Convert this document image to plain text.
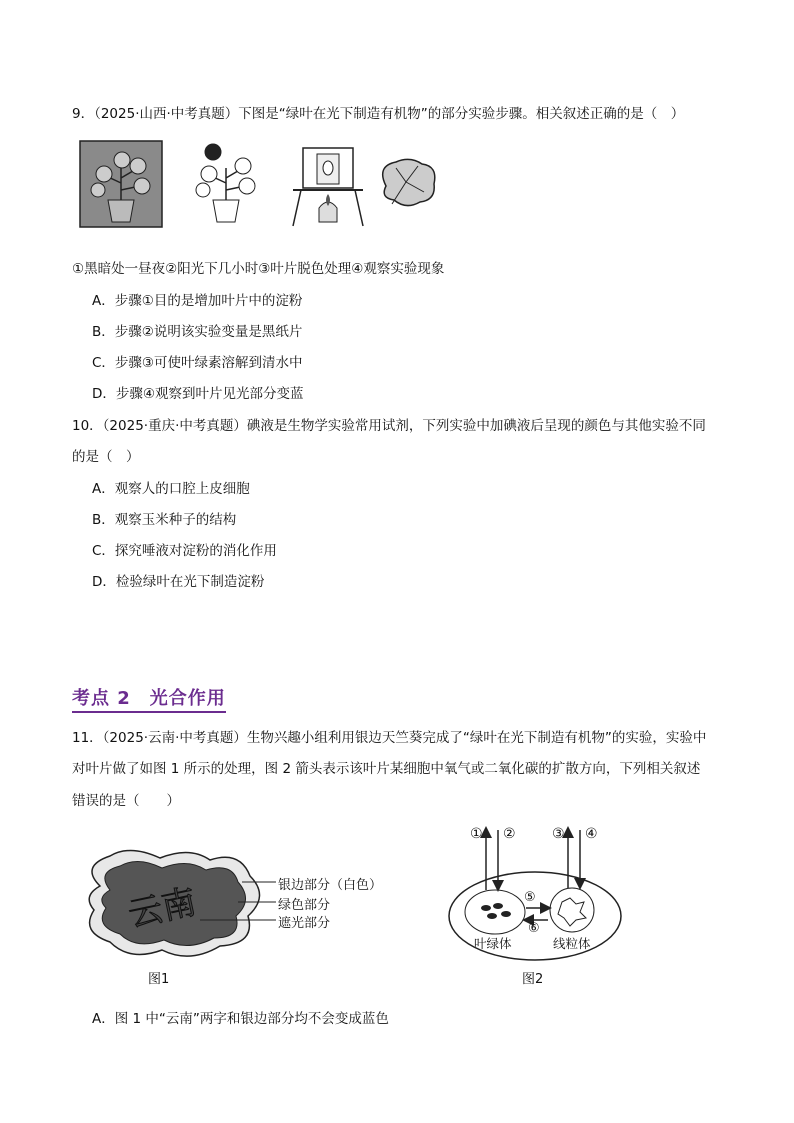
9．（2025·山西·中考真题）下图是“绿叶在光下制造有机物”的部分实验步骤。相关叙述正确的是（　）
①黑暗处一昼夜②阳光下几小时③叶片脱色处理④观察实验现象
A．步骤①目的是增加叶片中的淀粉
B．步骤②说明该实验变量是黑纸片
C．步骤③可使叶绿素溶解到清水中
D．步骤④观察到叶片见光部分变蓝
10．（2025·重庆·中考真题）碘液是生物学实验常用试剂，下列实验中加碘液后呈现的颜色与其他实验不同
的是（　）
A．观察人的口腔上皮细胞
B．观察玉米种子的结构
C．探究唾液对淀粉的消化作用
D．检验绿叶在光下制造淀粉
考点 2　光合作用
11．（2025·云南·中考真题）生物兴趣小组利用银边天竺葵完成了“绿叶在光下制造有机物”的实验，实验中
对叶片做了如图 1 所示的处理，图 2 箭头表示该叶片某细胞中氧气或二氧化碳的扩散方向，下列相关叙述
错误的是（　　）
云南	银边部分（白色）
绿色部分
遮光部分
图1
① ②	③ ④
⑤
⑥
叶绿体	线粒体
图2
A．图 1 中“云南”两字和银边部分均不会变成蓝色
